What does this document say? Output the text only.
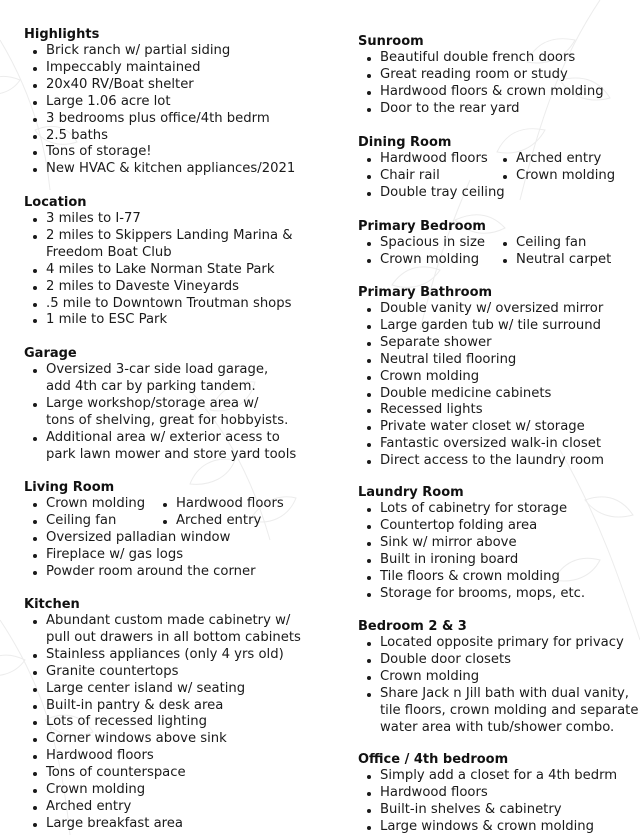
Highlights
Brick ranch w/ partial siding
Impeccably maintained
20x40 RV/Boat shelter
Large 1.06 acre lot
3 bedrooms plus office/4th bedrm
2.5 baths
Tons of storage!
New HVAC & kitchen appliances/2021
Location
3 miles to I-77
2 miles to Skippers Landing Marina &
Freedom Boat Club
4 miles to Lake Norman State Park
2 miles to Daveste Vineyards
.5 mile to Downtown Troutman shops
1 mile to ESC Park
Garage
Oversized 3-car side load garage,
add 4th car by parking tandem.
Large workshop/storage area w/
tons of shelving, great for hobbyists.
Additional area w/ exterior acess to
park lawn mower and store yard tools
Living Room
Crown molding
Ceiling fan
Hardwood floors
Arched entry
Oversized palladian window
Fireplace w/ gas logs
Powder room around the corner
Kitchen
Abundant custom made cabinetry w/
pull out drawers in all bottom cabinets
Stainless appliances (only 4 yrs old)
Granite countertops
Large center island w/ seating
Built-in pantry & desk area
Lots of recessed lighting
Corner windows above sink
Hardwood floors
Tons of counterspace
Crown molding
Arched entry
Large breakfast area
Sunroom
Beautiful double french doors
Great reading room or study
Hardwood floors & crown molding
Door to the rear yard
Dining Room
Hardwood floors
Chair rail
Arched entry
Crown molding
Double tray ceiling
Primary Bedroom
Spacious in size
Crown molding
Ceiling fan
Neutral carpet
Primary Bathroom
Double vanity w/ oversized mirror
Large garden tub w/ tile surround
Separate shower
Neutral tiled flooring
Crown molding
Double medicine cabinets
Recessed lights
Private water closet w/ storage
Fantastic oversized walk-in closet
Direct access to the laundry room
Laundry Room
Lots of cabinetry for storage
Countertop folding area
Sink w/ mirror above
Built in ironing board
Tile floors & crown molding
Storage for brooms, mops, etc.
Bedroom 2 & 3
Located opposite primary for privacy
Double door closets
Crown molding
Share Jack n Jill bath with dual vanity,
tile floors, crown molding and separate
water area with tub/shower combo.
Office / 4th bedroom
Simply add a closet for a 4th bedrm
Hardwood floors
Built-in shelves & cabinetry
Large windows & crown molding
